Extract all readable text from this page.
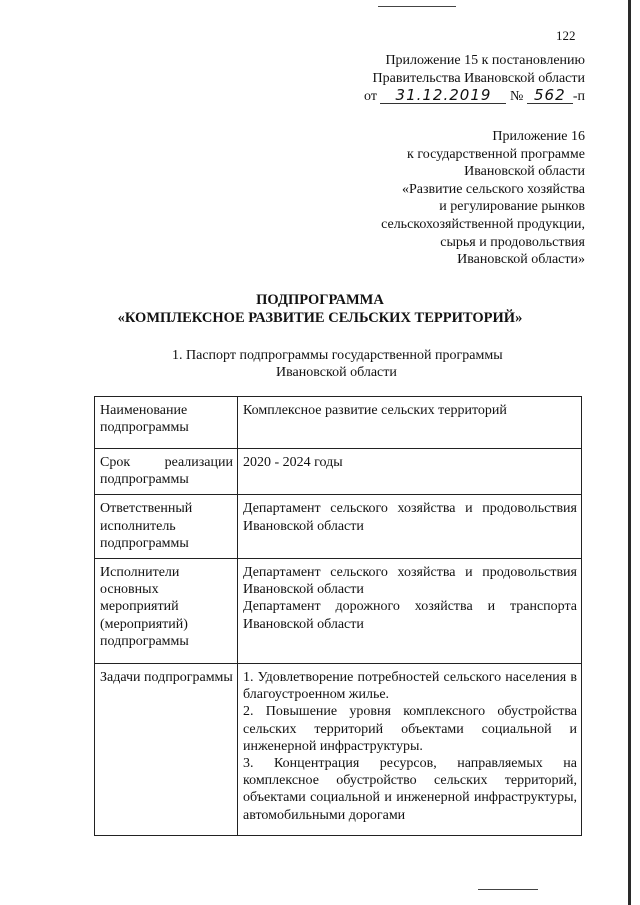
122
Приложение 15 к постановлению
Правительства Ивановской области
от 31.12.2019 № 562 -п
Приложение 16
к государственной программе
Ивановской области
«Развитие сельского хозяйства
и регулирование рынков
сельскохозяйственной продукции,
сырья и продовольствия
Ивановской области»
ПОДПРОГРАММА
«КОМПЛЕКСНОЕ РАЗВИТИЕ СЕЛЬСКИХ ТЕРРИТОРИЙ»
1. Паспорт подпрограммы государственной программы
Ивановской области
Наименование подпрограммы	Комплексное развитие сельских территорий

Срок реализации
подпрограммы	2020 - 2024 годы
Ответственный исполнитель подпрограммы	Департамент сельского хозяйства и продовольствия Ивановской области
Исполнители основных мероприятий (мероприятий) подпрограммы	Департамент сельского хозяйства и продовольствия Ивановской области
Департамент дорожного хозяйства и транспорта Ивановской области

Задачи подпрограммы	1. Удовлетворение потребностей сельского населения в благоустроенном жилье.
2. Повышение уровня комплексного обустройства сельских территорий объектами социальной и инженерной инфраструктуры.
3. Концентрация ресурсов, направляемых на комплексное обустройство сельских территорий, объектами социальной и инженерной инфраструктуры, автомобильными дорогами
